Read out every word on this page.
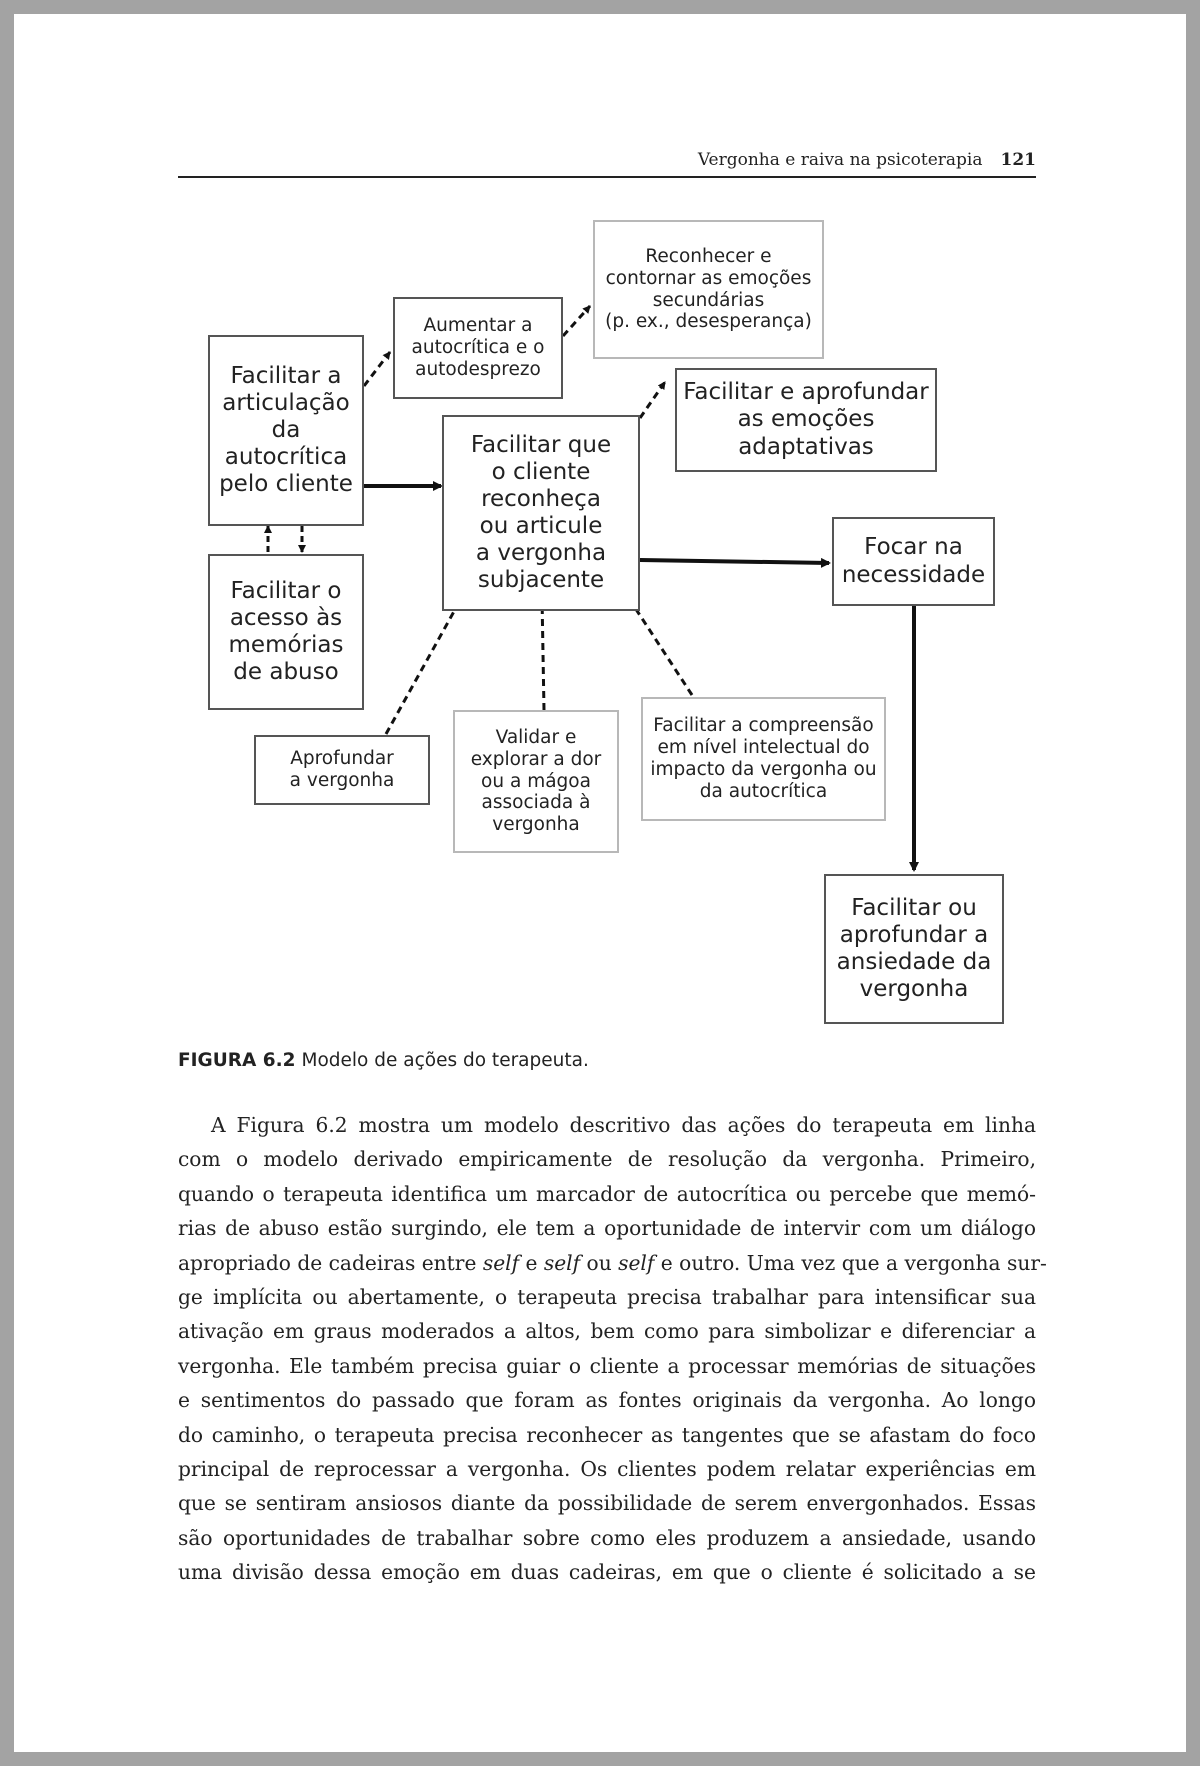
Vergonha e raiva na psicoterapia 121
Facilitar a
articulação
da
autocrítica
pelo cliente
Facilitar o
acesso às
memórias
de abuso
Aumentar a
autocrítica e o
autodesprezo
Reconhecer e
contornar as emoções
secundárias
(p. ex., desesperança)
Facilitar que
o cliente
reconheça
ou articule
a vergonha
subjacente
Facilitar e aprofundar
as emoções
adaptativas
Focar na
necessidade
Aprofundar
a vergonha
Validar e
explorar a dor
ou a mágoa
associada à
vergonha
Facilitar a compreensão
em nível intelectual do
impacto da vergonha ou
da autocrítica
Facilitar ou
aprofundar a
ansiedade da
vergonha
FIGURA 6.2 Modelo de ações do terapeuta.
A Figura 6.2 mostra um modelo descritivo das ações do terapeuta em linha
com o modelo derivado empiricamente de resolução da vergonha. Primeiro,
quando o terapeuta identifica um marcador de autocrítica ou percebe que memó-
rias de abuso estão surgindo, ele tem a oportunidade de intervir com um diálogo
apropriado de cadeiras entre self e self ou self e outro. Uma vez que a vergonha sur-
ge implícita ou abertamente, o terapeuta precisa trabalhar para intensificar sua
ativação em graus moderados a altos, bem como para simbolizar e diferenciar a
vergonha. Ele também precisa guiar o cliente a processar memórias de situações
e sentimentos do passado que foram as fontes originais da vergonha. Ao longo
do caminho, o terapeuta precisa reconhecer as tangentes que se afastam do foco
principal de reprocessar a vergonha. Os clientes podem relatar experiências em
que se sentiram ansiosos diante da possibilidade de serem envergonhados. Essas
são oportunidades de trabalhar sobre como eles produzem a ansiedade, usando
uma divisão dessa emoção em duas cadeiras, em que o cliente é solicitado a se
